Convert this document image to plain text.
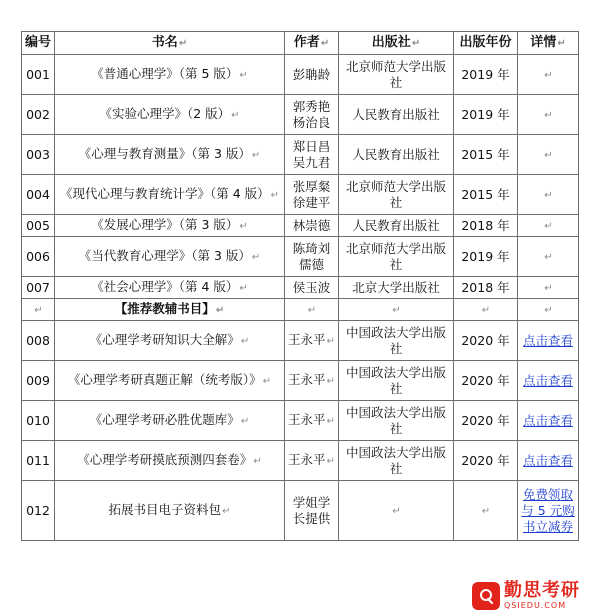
编号	书名↵	作者↵	出版社↵	出版年份	详情↵
001	《普通心理学》（第 5 版）↵	彭聃龄	北京师范大学出版社	2019 年	↵
002	《实验心理学》（2 版）↵	郭秀艳杨治良	人民教育出版社	2019 年	↵
003	《心理与教育测量》（第 3 版）↵	郑日昌吴九君	人民教育出版社	2015 年	↵
004	《现代心理与教育统计学》（第 4 版）↵	张厚粲徐建平	北京师范大学出版社	2015 年	↵
005	《发展心理学》（第 3 版）↵	林崇德	人民教育出版社	2018 年	↵
006	《当代教育心理学》（第 3 版）↵	陈琦刘儒德	北京师范大学出版社	2019 年	↵
007	《社会心理学》（第 4 版）↵	侯玉波	北京大学出版社	2018 年	↵
↵	【推荐教辅书目】↵	↵	↵	↵	↵
008	《心理学考研知识大全解》↵	王永平↵	中国政法大学出版社	2020 年	点击查看
009	《心理学考研真题正解（统考版）》↵	王永平↵	中国政法大学出版社	2020 年	点击查看
010	《心理学考研必胜优题库》↵	王永平↵	中国政法大学出版社	2020 年	点击查看
011	《心理学考研摸底预测四套卷》↵	王永平↵	中国政法大学出版社	2020 年	点击查看
012	拓展书目电子资料包↵	学姐学长提供	↵	↵	免费领取与 5 元购书立减券
勤思考研
QSIEDU.COM
